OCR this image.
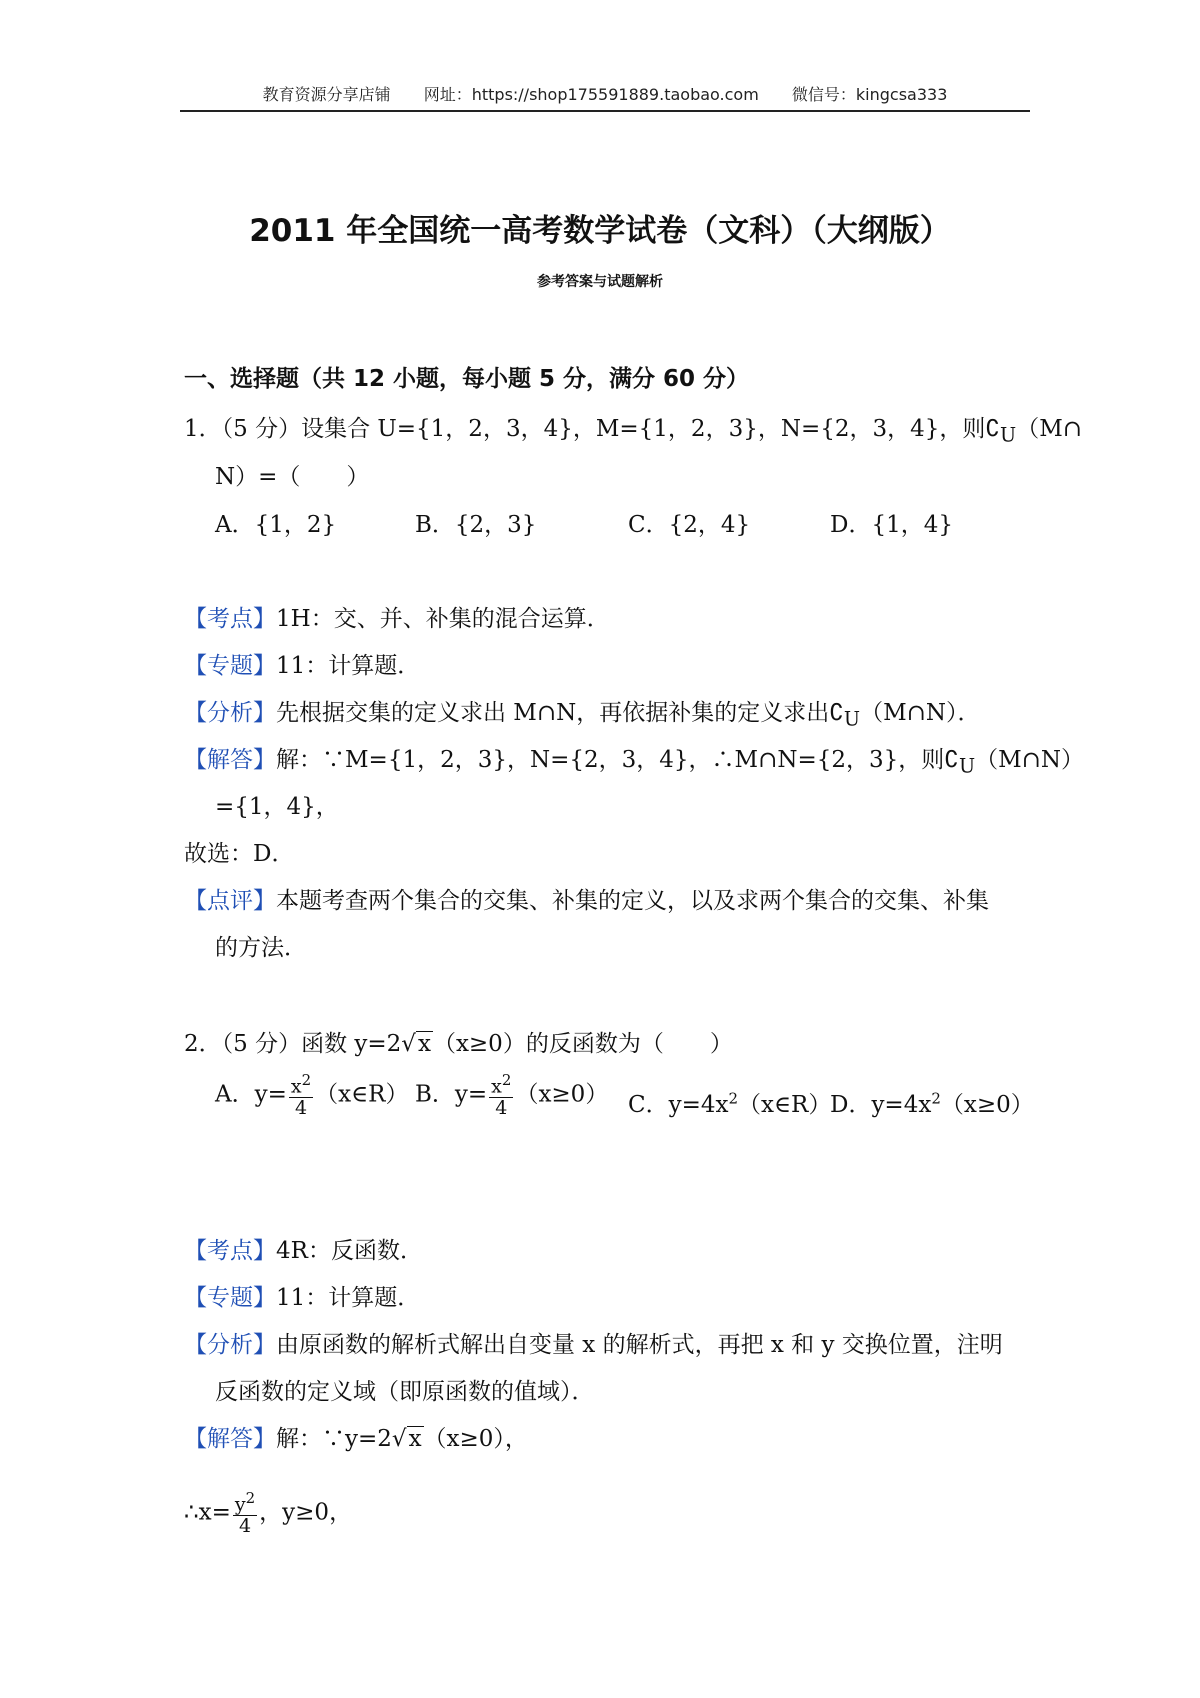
教育资源分享店铺 网址：https://shop175591889.taobao.com 微信号：kingcsa333
2011 年全国统一高考数学试卷（文科）（大纲版）
参考答案与试题解析
一、选择题（共 12 小题，每小题 5 分，满分 60 分）
1．（5 分）设集合 U={1，2，3，4}，M={1，2，3}，N={2，3，4}，则$∁_U(M\cap$
N）=（　　）
A．{1，2}	B．{2，3}	C．{2，4}	D．{1，4}
【考点】1H：交、并、补集的混合运算．
【专题】11：计算题．
【分析】先根据交集的定义求出 M∩N，再依据补集的定义求出$∁_U(M\cap N)$．
【解答】解：∵M={1，2，3}，N={2，3，4}，∴M∩N={2，3}，则$∁_U(M\cap N)$
={1，4}，
故选：D．
【点评】本题考查两个集合的交集、补集的定义，以及求两个集合的交集、补集
的方法．
2．（5 分）函数 y=2√x（x≥0）的反函数为（　　）
A．$y= \frac{x^2}{4}$ （x∈R） B．$y= \frac{x^2}{4} (x\ge 0)$ C．$y=4x^2(x\in R)$
D．$y=4x^2(x\ge 0)$
【考点】4R：反函数．
【专题】11：计算题．
【分析】由原函数的解析式解出自变量 x 的解析式，再把 x 和 y 交换位置，注明
反函数的定义域（即原函数的值域）．
【解答】解：∵y=2√x（x≥0），
∴x= $\frac{y^2}{4}$ ，y≥0，
